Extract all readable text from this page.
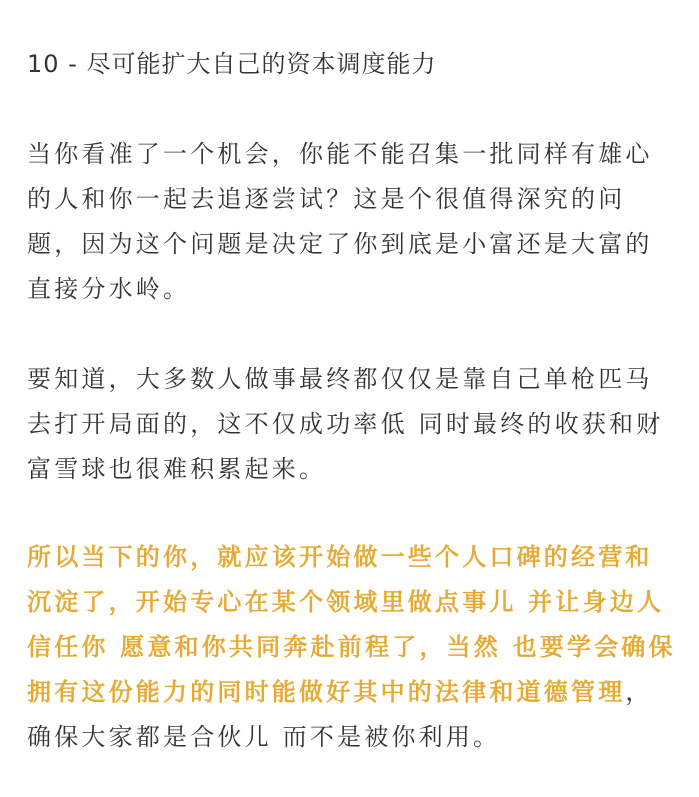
10 - 尽可能扩大自己的资本调度能力
当你看准了一个机会，你能不能召集一批同样有雄心
的人和你一起去追逐尝试？这是个很值得深究的问
题，因为这个问题是决定了你到底是小富还是大富的
直接分水岭。
要知道，大多数人做事最终都仅仅是靠自己单枪匹马
去打开局面的，这不仅成功率低 同时最终的收获和财
富雪球也很难积累起来。
所以当下的你，就应该开始做一些个人口碑的经营和
沉淀了，开始专心在某个领域里做点事儿 并让身边人
信任你 愿意和你共同奔赴前程了，当然 也要学会确保
拥有这份能力的同时能做好其中的法律和道德管理，
确保大家都是合伙儿 而不是被你利用。
